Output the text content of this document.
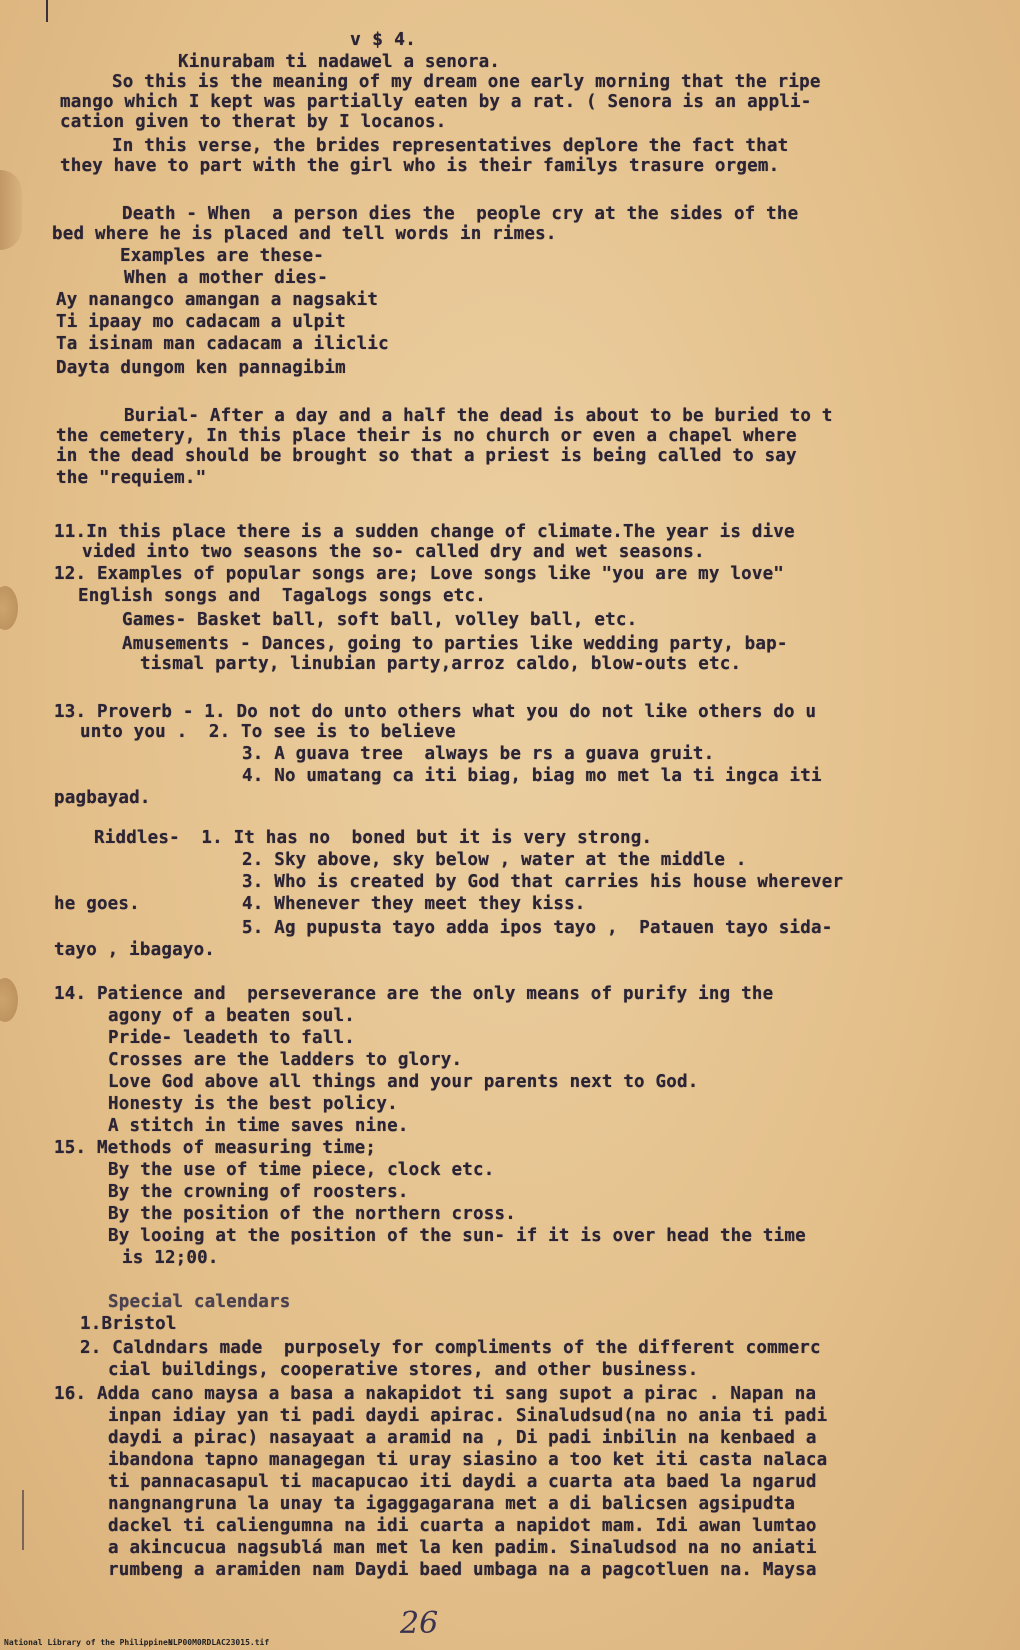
v $ 4.
Kinurabam ti nadawel a senora.
So this is the meaning of my dream one early morning that the ripe
mango which I kept was partially eaten by a rat. ( Senora is an appli-
cation given to therat by I locanos.
In this verse, the brides representatives deplore the fact that
they have to part with the girl who is their familys trasure orgem.
Death - When  a person dies the  people cry at the sides of the
bed where he is placed and tell words in rimes.
Examples are these-
When a mother dies-
Ay nanangco amangan a nagsakit
Ti ipaay mo cadacam a ulpit
Ta isinam man cadacam a iliclic
Dayta dungom ken pannagibim
Burial- After a day and a half the dead is about to be buried to t
the cemetery, In this place their is no church or even a chapel where
in the dead should be brought so that a priest is being called to say
the "requiem."
11.In this place there is a sudden change of climate.The year is dive
vided into two seasons the so- called dry and wet seasons.
12. Examples of popular songs are; Love songs like "you are my love"
English songs and  Tagalogs songs etc.
Games- Basket ball, soft ball, volley ball, etc.
Amusements - Dances, going to parties like wedding party, bap-
tismal party, linubian party,arroz caldo, blow-outs etc.
13. Proverb - 1. Do not do unto others what you do not like others do u
unto you .  2. To see is to believe
3. A guava tree  always be rs a guava gruit.
4. No umatang ca iti biag, biag mo met la ti ingca iti
pagbayad.
Riddles-  1. It has no  boned but it is very strong.
2. Sky above, sky below , water at the middle .
3. Who is created by God that carries his house wherever
he goes.	4. Whenever they meet they kiss.
5. Ag pupusta tayo adda ipos tayo ,  Patauen tayo sida-
tayo , ibagayo.
14. Patience and  perseverance are the only means of purify ing the
agony of a beaten soul.
Pride- leadeth to fall.
Crosses are the ladders to glory.
Love God above all things and your parents next to God.
Honesty is the best policy.
A stitch in time saves nine.
15. Methods of measuring time;
By the use of time piece, clock etc.
By the crowning of roosters.
By the position of the northern cross.
By looing at the position of the sun- if it is over head the time
is 12;00.
Special calendars
1.Bristol
2. Caldndars made  purposely for compliments of the different commerc
cial buildings, cooperative stores, and other business.
16. Adda cano maysa a basa a nakapidot ti sang supot a pirac . Napan na
inpan idiay yan ti padi daydi apirac. Sinaludsud(na no ania ti padi
daydi a pirac) nasayaat a aramid na , Di padi inbilin na kenbaed a
ibandona tapno managegan ti uray siasino a too ket iti casta nalaca
ti pannacasapul ti macapucao iti daydi a cuarta ata baed la ngarud
nangnangruna la unay ta igaggagarana met a di balicsen agsipudta
dackel ti caliengumna na idi cuarta a napidot mam. Idi awan lumtao
a akincucua nagsublá man met la ken padim. Sinaludsod na no aniati
rumbeng a aramiden nam Daydi baed umbaga na a pagcotluen na. Maysa
26
National Library of the Philippines
NLP00M0RDLAC23015.tif
